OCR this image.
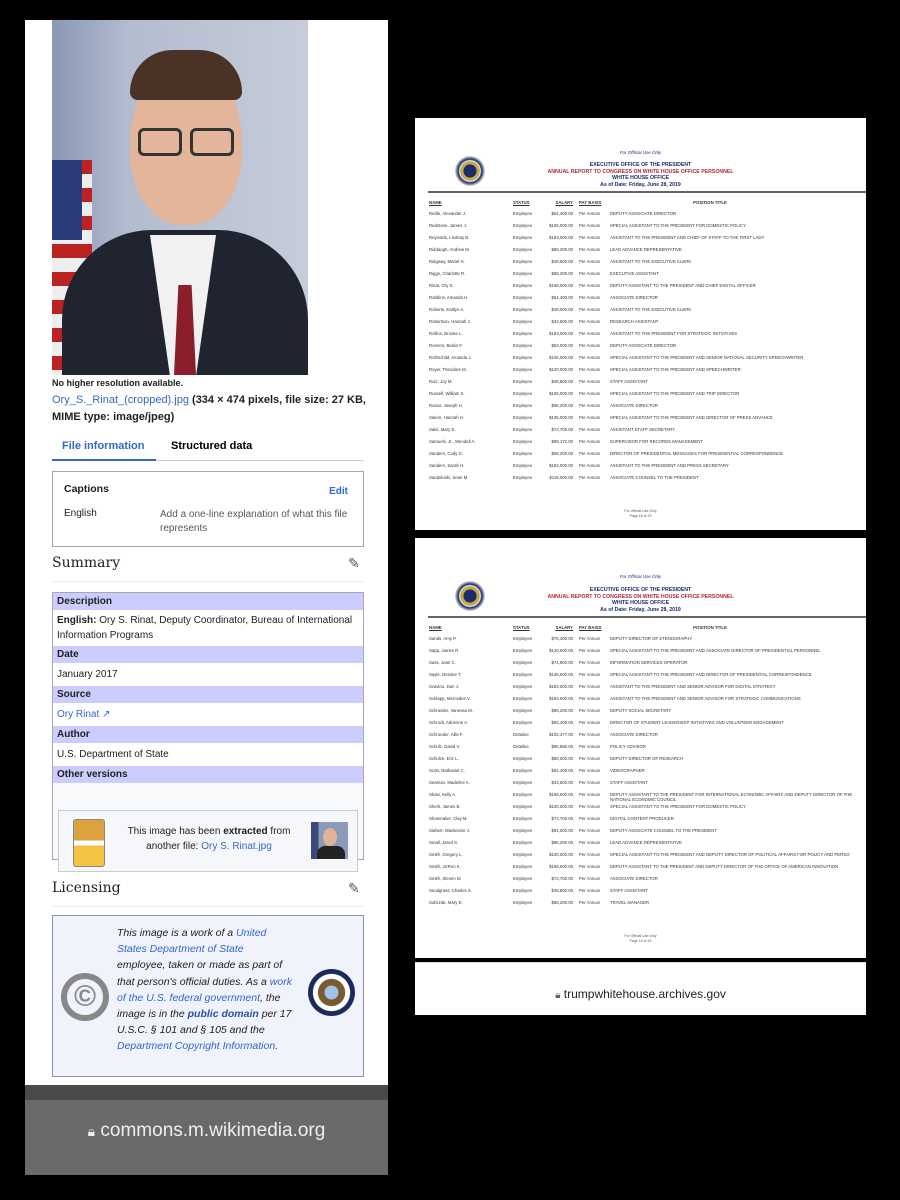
No higher resolution available.
Ory_S._Rinat_(cropped).jpg (334 × 474 pixels, file size: 27 KB, MIME type: image/jpeg)
File information Structured data
Captions	Edit
English	Add a one-line explanation of what this file represents
Summary	✎
Description
English: Ory S. Rinat, Deputy Coordinator, Bureau of International Information Programs
Date
January 2017
Source
Ory Rinat ↗
Author
U.S. Department of State
Other versions
This image has been extracted from another file: Ory S. Rinat.jpg
Licensing	✎
©
This image is a work of a United States Department of State employee, taken or made as part of that person's official duties. As a work of the U.S. federal government, the image is in the public domain per 17 U.S.C. § 101 and § 105 and the Department Copyright Information.
🔒︎ commons.m.wikimedia.org
For Official Use Only
EXECUTIVE OFFICE OF THE PRESIDENT
ANNUAL REPORT TO CONGRESS ON WHITE HOUSE OFFICE PERSONNEL
WHITE HOUSE OFFICE
As of Date: Friday, June 28, 2019
NAME	STATUS	SALARY PAY BASIS	POSITION TITLE
Redle, Alexander J.	Employee	$64,400.00 Per Annum DEPUTY ASSOCIATE DIRECTOR
Redstone, James J.	Employee	$106,000.00 Per Annum SPECIAL ASSISTANT TO THE PRESIDENT FOR DOMESTIC POLICY
Reynolds, Lindsay B.	Employee	$183,000.00 Per Annum ASSISTANT TO THE PRESIDENT AND CHIEF OF STAFF TO THE FIRST LADY
Riddaugh, Andrew M.	Employee	$86,200.00 Per Annum LEAD ADVANCE REPRESENTATIVE
Ridgway, Mariel H.	Employee	$49,900.00 Per Annum ASSISTANT TO THE EXECUTIVE CLERK
Riggs, Charlotte R.	Employee	$58,200.00 Per Annum EXECUTIVE ASSISTANT
Rinat, Ory S.	Employee	$168,000.00 Per Annum DEPUTY ASSISTANT TO THE PRESIDENT AND CHIEF DIGITAL OFFICER
Robbins, Amanda H.	Employee	$64,400.00 Per Annum ASSOCIATE DIRECTOR
Roberts, Kaitlyn A.	Employee	$49,000.00 Per Annum ASSISTANT TO THE EXECUTIVE CLERK
Robertson, Hannah J.	Employee	$43,600.00 Per Annum RESEARCH ASSISTANT
Rollins, Brooke L.	Employee	$183,000.00 Per Annum ASSISTANT TO THE PRESIDENT FOR STRATEGIC INITIATIVES
Romero, Belsis F.	Employee	$53,000.00 Per Annum DEPUTY ASSOCIATE DIRECTOR
Rothschild, Amanda J.	Employee	$106,000.00 Per Annum SPECIAL ASSISTANT TO THE PRESIDENT AND SENIOR NATIONAL SECURITY SPEECHWRITER
Royer, Theodore M.	Employee	$120,000.00 Per Annum SPECIAL ASSISTANT TO THE PRESIDENT AND SPEECHWRITER
Ruiz, Joy M.	Employee	$48,800.00 Per Annum STAFF ASSISTANT
Russell, William S.	Employee	$106,000.00 Per Annum SPECIAL ASSISTANT TO THE PRESIDENT AND TRIP DIRECTOR
Russo, Joseph H.	Employee	$86,200.00 Per Annum ASSOCIATE DIRECTOR
Salem, Hannah H.	Employee	$135,000.00 Per Annum SPECIAL ASSISTANT TO THE PRESIDENT AND DIRECTOR OF PRESS ADVANCE
Salvi, Mary E.	Employee	$72,700.00 Per Annum ASSISTANT STAFF SECRETARY
Samuels, Jr., Wendell A.	Employee	$99,172.00 Per Annum SUPERVISOR FOR RECORDS MANAGEMENT
Sanders, Cody G.	Employee	$58,200.00 Per Annum DIRECTOR OF PRESIDENTIAL MESSAGES FOR PRESIDENTIAL CORRESPONDENCE
Sanders, Sarah H.	Employee	$183,000.00 Per Annum ASSISTANT TO THE PRESIDENT AND PRESS SECRETARY
Sandoloski, Sean M.	Employee	$119,000.00 Per Annum ASSOCIATE COUNSEL TO THE PRESIDENT
For Official Use Only
Page 15 of 19
For Official Use Only
EXECUTIVE OFFICE OF THE PRESIDENT
ANNUAL REPORT TO CONGRESS ON WHITE HOUSE OFFICE PERSONNEL
WHITE HOUSE OFFICE
As of Date: Friday, June 28, 2019
NAME	STATUS	SALARY PAY BASIS	POSITION TITLE
Sands, Amy P.	Employee	$76,400.00 Per Annum DEPUTY DIRECTOR OF STENOGRAPHY
Sapp, James R.	Employee	$120,000.00 Per Annum SPECIAL ASSISTANT TO THE PRESIDENT AND ASSOCIATE DIRECTOR OF PRESIDENTIAL PERSONNEL
Sass, Joan C.	Employee	$74,900.00 Per Annum INFORMATION SERVICES OPERATOR
Sayle, Desiree T.	Employee	$135,000.00 Per Annum SPECIAL ASSISTANT TO THE PRESIDENT AND DIRECTOR OF PRESIDENTIAL CORRESPONDENCE
Scavino, Dan J.	Employee	$183,000.00 Per Annum ASSISTANT TO THE PRESIDENT AND SENIOR ADVISOR FOR DIGITAL STRATEGY
Schlapp, Mercedes V.	Employee	$183,000.00 Per Annum ASSISTANT TO THE PRESIDENT AND SENIOR ADVISOR FOR STRATEGIC COMMUNICATIONS
Schneider, Vanessa M.	Employee	$86,200.00 Per Annum DEPUTY SOCIAL SECRETARY
Schrodt, Adrienne A.	Employee	$92,400.00 Per Annum DIRECTOR OF STUDENT LEADERSHIP INITIATIVES AND VOLUNTEER ENGAGEMENT
Schroeder, Allie F.	Detailee	$102,477.00 Per Annum ASSOCIATE DIRECTOR
Schulz, David V.	Detailee	$96,686.00 Per Annum POLICY ADVISOR
Schulze, Eric L.	Employee	$80,000.00 Per Annum DEPUTY DIRECTOR OF RESEARCH
Scott, Nathaniel C.	Employee	$64,400.00 Per Annum VIDEOGRAPHER
Seaman, Madeline A.	Employee	$43,600.00 Per Annum STAFF ASSISTANT
Shaw, Kelly A.	Employee	$158,000.00 Per Annum DEPUTY ASSISTANT TO THE PRESIDENT FOR INTERNATIONAL ECONOMIC AFFAIRS AND DEPUTY DIRECTOR OF THE NATIONAL ECONOMIC COUNCIL
Sherk, James B.	Employee	$120,000.00 Per Annum SPECIAL ASSISTANT TO THE PRESIDENT FOR DOMESTIC POLICY
Shoemaker, Clay M.	Employee	$72,700.00 Per Annum DIGITAL CONTENT PRODUCER
Siebert, Mackenzie J.	Employee	$94,000.00 Per Annum DEPUTY ASSOCIATE COUNSEL TO THE PRESIDENT
Small, Jared S.	Employee	$86,200.00 Per Annum LEAD ADVANCE REPRESENTATIVE
Smith, Gregory L.	Employee	$120,000.00 Per Annum SPECIAL ASSISTANT TO THE PRESIDENT AND DEPUTY DIRECTOR OF POLITICAL AFFAIRS FOR POLICY AND PERSO
Smith, Ja'Ron K.	Employee	$158,000.00 Per Annum DEPUTY ASSISTANT TO THE PRESIDENT AND DEPUTY DIRECTOR OF THE OFFICE OF AMERICAN INNOVATION
Smith, Steven M.	Employee	$72,700.00 Per Annum ASSOCIATE DIRECTOR
Snodgrass, Charles S.	Employee	$48,800.00 Per Annum STAFF ASSISTANT
Sobczak, Mary E.	Employee	$56,200.00 Per Annum TRAVEL MANAGER
For Official Use Only
Page 16 of 19
🔒︎ trumpwhitehouse.archives.gov
